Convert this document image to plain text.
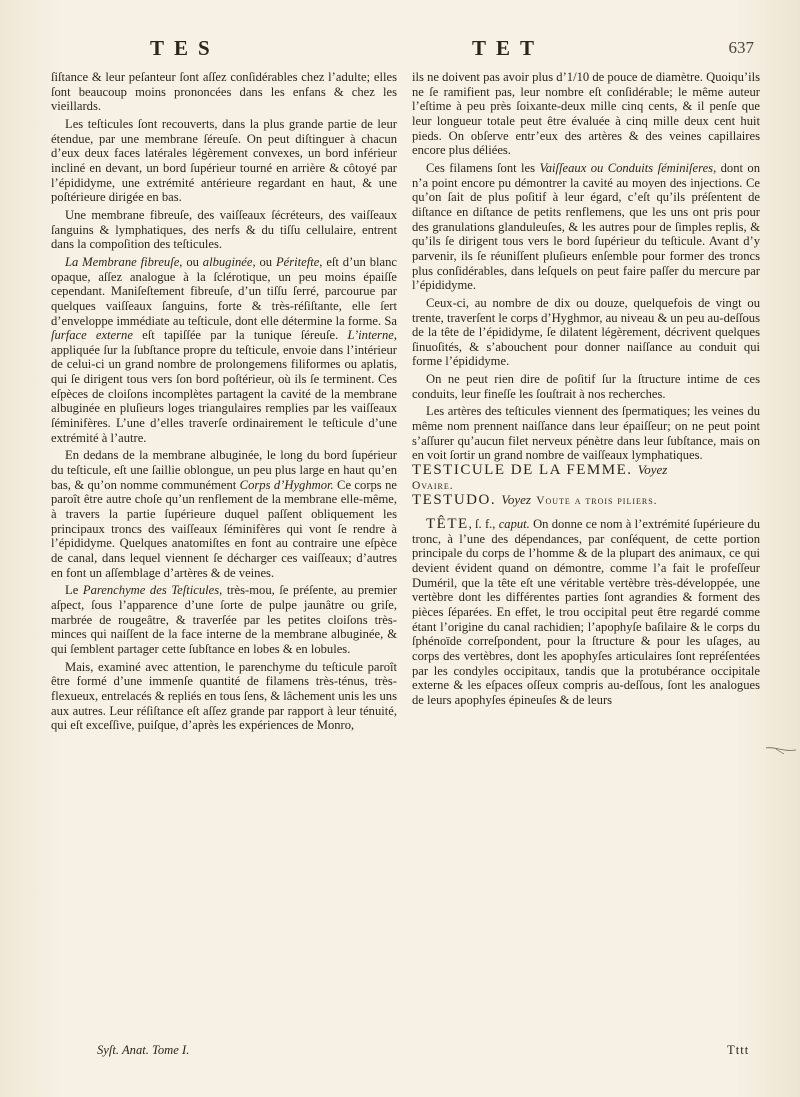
TES	TET	637

ſiſtance & leur peſanteur ſont aſſez conſidérables chez l’adulte; elles ſont beaucoup moins prononcées dans les enfans & chez les vieillards.

Les teſticules ſont recouverts, dans la plus grande partie de leur étendue, par une membrane ſéreuſe. On peut diſtinguer à chacun d’eux deux faces latérales légèrement convexes, un bord inférieur incliné en devant, un bord ſupérieur tourné en arrière & côtoyé par l’épididyme, une extrémité antérieure regardant en haut, & une poſtérieure dirigée en bas.

Une membrane fibreuſe, des vaiſſeaux ſécréteurs, des vaiſſeaux ſanguins & lymphatiques, des nerfs & du tiſſu cellulaire, entrent dans la compoſition des teſticules.

La Membrane fibreuſe, ou albuginée, ou Péritefte, eſt d’un blanc opaque, aſſez analogue à la ſclérotique, un peu moins épaiſſe cependant. Maniſeſtement fibreuſe, d’un tiſſu ſerré, parcourue par quelques vaiſſeaux ſanguins, forte & très-réſiſtante, elle ſert d’enveloppe immédiate au teſticule, dont elle détermine la forme. Sa ſurface externe eſt tapiſſée par la tunique ſéreuſe. L’interne, appliquée ſur la ſubſtance propre du teſticule, envoie dans l’intérieur de celui-ci un grand nombre de prolongemens filiformes ou aplatis, qui ſe dirigent tous vers ſon bord poſtérieur, où ils ſe terminent. Ces eſpèces de cloiſons incomplètes partagent la cavité de la membrane albuginée en pluſieurs loges triangulaires remplies par les vaiſſeaux ſéminifères. L’une d’elles traverſe ordinairement le teſticule d’une extrémité à l’autre.

En dedans de la membrane albuginée, le long du bord ſupérieur du teſticule, eſt une ſaillie oblongue, un peu plus large en haut qu’en bas, & qu’on nomme communément Corps d’Hyghmor. Ce corps ne paroît être autre choſe qu’un renflement de la membrane elle-même, à travers la partie ſupérieure duquel paſſent obliquement les principaux troncs des vaiſſeaux ſéminifères qui vont ſe rendre à l’épididyme. Quelques anatomiſtes en font au contraire une eſpèce de canal, dans lequel viennent ſe décharger ces vaiſſeaux; d’autres en font un aſſemblage d’artères & de veines.

Le Parenchyme des Teſticules, très-mou, ſe préſente, au premier aſpect, ſous l’apparence d’une ſorte de pulpe jaunâtre ou griſe, marbrée de rougeâtre, & traverſée par les petites cloiſons très-minces qui naiſſent de la face interne de la membrane albuginée, & qui ſemblent partager cette ſubſtance en lobes & en lobules.

Mais, examiné avec attention, le parenchyme du teſticule paroît être formé d’une immenſe quantité de filamens très-ténus, très-flexueux, entrelacés & repliés en tous ſens, & lâchement unis les uns aux autres. Leur réſiſtance eſt aſſez grande par rapport à leur ténuité, qui eſt exceſſive, puiſque, d’après les expériences de Monro,

ils ne doivent pas avoir plus d’1/10 de pouce de diamètre. Quoiqu’ils ne ſe ramifient pas, leur nombre eſt conſidérable; le même auteur l’eſtime à peu près ſoixante-deux mille cinq cents, & il penſe que leur longueur totale peut être évaluée à cinq mille deux cent huit pieds. On obſerve entr’eux des artères & des veines capillaires encore plus déliées.

Ces filamens ſont les Vaiſſeaux ou Conduits ſéminiſeres, dont on n’a point encore pu démontrer la cavité au moyen des injections. Ce qu’on ſait de plus poſitif à leur égard, c’eſt qu’ils préſentent de diſtance en diſtance de petits renflemens, que les uns ont pris pour des granulations glanduleuſes, & les autres pour de ſimples replis, & qu’ils ſe dirigent tous vers le bord ſupérieur du teſticule. Avant d’y parvenir, ils ſe réuniſſent pluſieurs enſemble pour former des troncs plus conſidérables, dans leſquels on peut faire paſſer du mercure par l’épididyme.

Ceux-ci, au nombre de dix ou douze, quelquefois de vingt ou trente, traverſent le corps d’Hyghmor, au niveau & un peu au-deſſous de la tête de l’épididyme, ſe dilatent légèrement, décrivent quelques ſinuoſités, & s’abouchent pour donner naiſſance au conduit qui forme l’épididyme.

On ne peut rien dire de poſitif ſur la ſtructure intime de ces conduits, leur fineſſe les ſouſtrait à nos recherches.

Les artères des teſticules viennent des ſpermatiques; les veines du même nom prennent naiſſance dans leur épaiſſeur; on ne peut point s’aſſurer qu’aucun filet nerveux pénètre dans leur ſubſtance, mais on en voit ſortir un grand nombre de vaiſſeaux lymphatiques.

TESTICULE DE LA FEMME. Voyez
Ovaire.

TESTUDO. Voyez Voute a trois piliers.

TÊTE, ſ. f., caput. On donne ce nom à l’extrémité ſupérieure du tronc, à l’une des dépendances, par conſéquent, de cette portion principale du corps de l’homme & de la plupart des animaux, ce qui devient évident quand on démontre, comme l’a fait le profeſſeur Duméril, que la tête eſt une véritable vertèbre très-développée, une vertèbre dont les différentes parties ſont agrandies & forment des pièces ſéparées. En effet, le trou occipital peut être regardé comme étant l’origine du canal rachidien; l’apophyſe baſilaire & le corps du ſphénoïde correſpondent, pour la ſtructure & pour les uſages, au corps des vertèbres, dont les apophyſes articulaires ſont repréſentées par les condyles occipitaux, tandis que la protubérance occipitale externe & les eſpaces oſſeux compris au-deſſous, ſont les analogues de leurs apophyſes épineuſes & de leurs

Syſt. Anat. Tome I.	Tttt
